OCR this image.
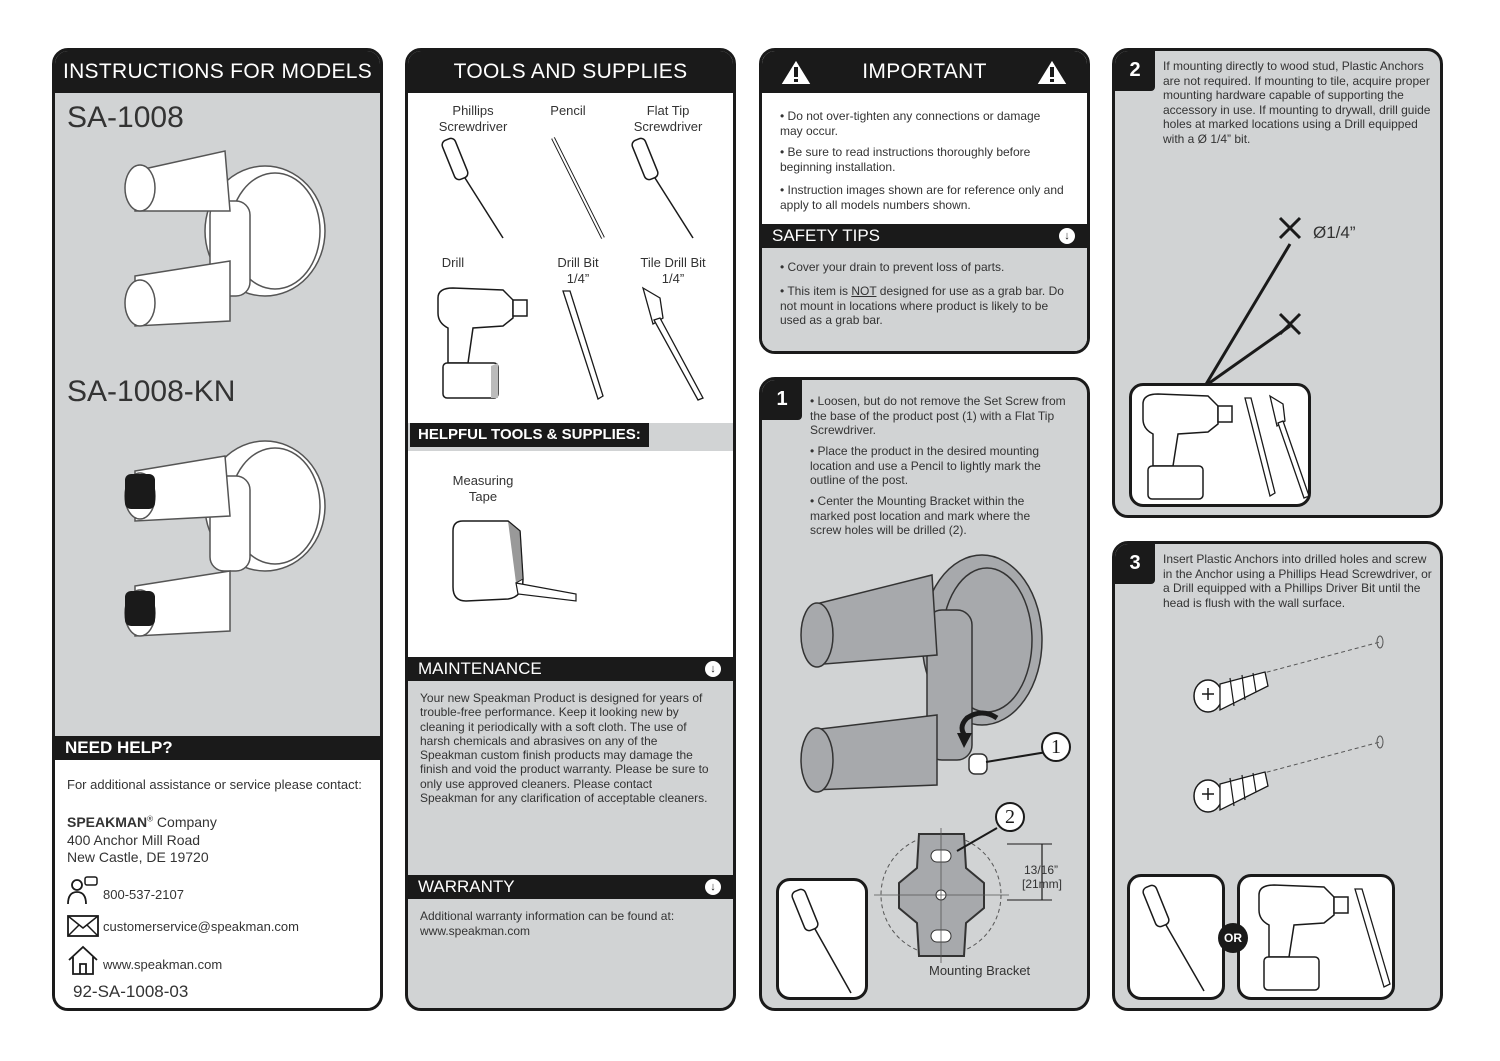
INSTRUCTIONS FOR MODELS
SA-1008
SA-1008-KN
NEED HELP?
For additional assistance or service please contact:
SPEAKMAN® Company
400 Anchor Mill Road
New Castle, DE 19720
800-537-2107
customerservice@speakman.com
www.speakman.com
92-SA-1008-03
TOOLS AND SUPPLIES
Phillips
Screwdriver
Pencil	Flat Tip
Screwdriver
Drill	Drill Bit
1/4”
Tile Drill Bit
1/4”
HELPFUL TOOLS & SUPPLIES:
Measuring
Tape
MAINTENANCE	↓
Your new Speakman Product is designed for years of trouble-free performance. Keep it looking new by cleaning it periodically with a soft cloth. The use of harsh chemicals and abrasives on any of the Speakman custom finish products may damage the finish and void the product warranty. Please be sure to only use approved cleaners. Please contact Speakman for any clarification of acceptable cleaners.
WARRANTY	↓
Additional warranty information can be found at: www.speakman.com
IMPORTANT
• Do not over-tighten any connections or damage may occur.
• Be sure to read instructions thoroughly before beginning installation.
• Instruction images shown are for reference only and apply to all models numbers shown.
SAFETY TIPS	↓
• Cover your drain to prevent loss of parts.
• This item is NOT designed for use as a grab bar. Do not mount in locations where product is likely to be used as a grab bar.
1	• Loosen, but do not remove the Set Screw from the base of the product post (1) with a Flat Tip Screwdriver.
• Place the product in the desired mounting location and use a Pencil to lightly mark the outline of the post.
• Center the Mounting Bracket within the marked post location and mark where the screw holes will be drilled (2).
1
2
13/16”
[21mm]
Mounting Bracket
2	If mounting directly to wood stud, Plastic Anchors are not required. If mounting to tile, acquire proper mounting hardware capable of supporting the accessory in use. If mounting to drywall, drill guide holes at marked locations using a Drill equipped with a Ø 1/4” bit.
Ø1/4”
3	Insert Plastic Anchors into drilled holes and screw in the Anchor using a Phillips Head Screwdriver, or a Drill equipped with a Phillips Driver Bit until the head is flush with the wall surface.
OR
